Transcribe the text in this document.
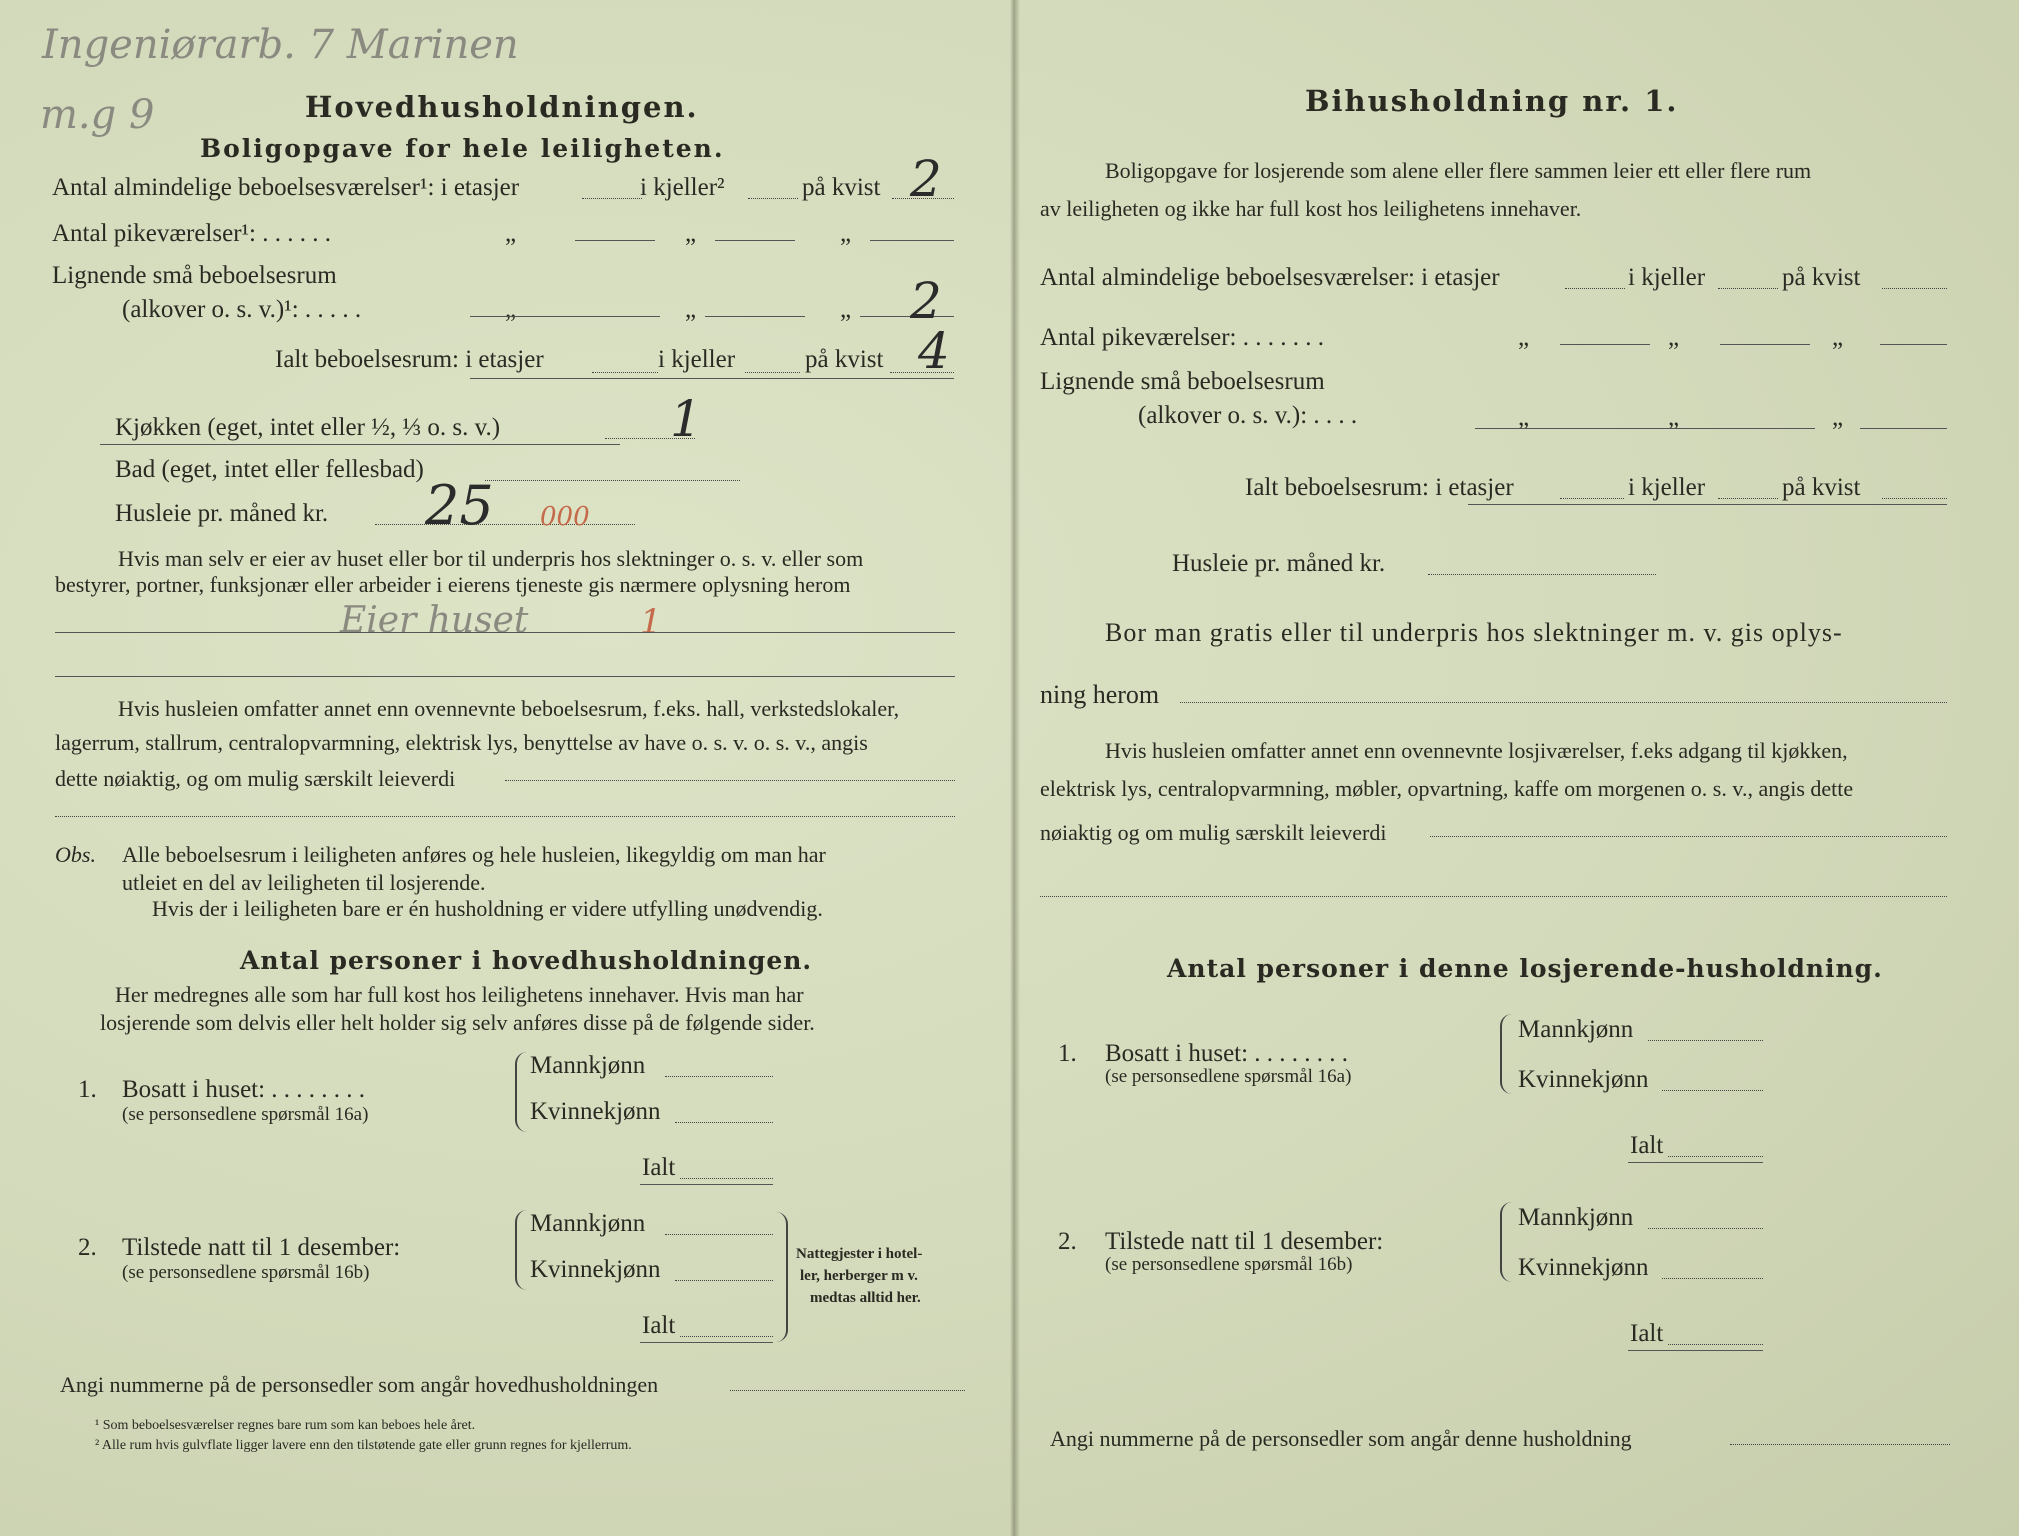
Ingeniørarb. 7 Marinen
m.g 9	Hovedhusholdningen.
Boligopgave for hele leiligheten.
Antal almindelige beboelsesværelser¹: i etasjer	i kjeller²	på kvist 2
Antal pikeværelser¹: . . . . . .	„	„	„
Lignende små beboelsesrum
(alkover o. s. v.)¹: . . . . .	„	„	„ 2
Ialt beboelsesrum: i etasjer	i kjeller	på kvist 4
Kjøkken (eget, intet eller ½, ⅓ o. s. v.)	1
Bad (eget, intet eller fellesbad)
Husleie pr. måned kr. 25 000
Hvis man selv er eier av huset eller bor til underpris hos slektninger o. s. v. eller som
bestyrer, portner, funksjonær eller arbeider i eierens tjeneste gis nærmere oplysning herom
Eier huset	1
Hvis husleien omfatter annet enn ovennevnte beboelsesrum, f.eks. hall, verkstedslokaler,
lagerrum, stallrum, centralopvarmning, elektrisk lys, benyttelse av have o. s. v. o. s. v., angis
dette nøiaktig, og om mulig særskilt leieverdi
Obs. Alle beboelsesrum i leiligheten anføres og hele husleien, likegyldig om man har
utleiet en del av leiligheten til losjerende.
Hvis der i leiligheten bare er én husholdning er videre utfylling unødvendig.
Antal personer i hovedhusholdningen.
Her medregnes alle som har full kost hos leilighetens innehaver. Hvis man har
losjerende som delvis eller helt holder sig selv anføres disse på de følgende sider.
1. Bosatt i huset: . . . . . . . .
(se personsedlene spørsmål 16a)
Mannkjønn
Kvinnekjønn
Ialt
2. Tilstede natt til 1 desember:
(se personsedlene spørsmål 16b)
Mannkjønn
Kvinnekjønn
Ialt
Nattegjester i hotel-
ler, herberger m v.
medtas alltid her.
Angi nummerne på de personsedler som angår hovedhusholdningen
¹ Som beboelsesværelser regnes bare rum som kan beboes hele året.
² Alle rum hvis gulvflate ligger lavere enn den tilstøtende gate eller grunn regnes for kjellerrum.
Bihusholdning nr. 1.
Boligopgave for losjerende som alene eller flere sammen leier ett eller flere rum
av leiligheten og ikke har full kost hos leilighetens innehaver.
Antal almindelige beboelsesværelser: i etasjer	i kjeller	på kvist
Antal pikeværelser: . . . . . . .	„	„	„
Lignende små beboelsesrum
(alkover o. s. v.): . . . .	„	„	„
Ialt beboelsesrum: i etasjer	i kjeller	på kvist
Husleie pr. måned kr.
Bor man gratis eller til underpris hos slektninger m. v. gis oplys-
ning herom
Hvis husleien omfatter annet enn ovennevnte losjiværelser, f.eks adgang til kjøkken,
elektrisk lys, centralopvarmning, møbler, opvartning, kaffe om morgenen o. s. v., angis dette
nøiaktig og om mulig særskilt leieverdi
Antal personer i denne losjerende-husholdning.
1. Bosatt i huset: . . . . . . . .
(se personsedlene spørsmål 16a)
Mannkjønn
Kvinnekjønn
Ialt
2. Tilstede natt til 1 desember:
(se personsedlene spørsmål 16b)
Mannkjønn
Kvinnekjønn
Ialt
Angi nummerne på de personsedler som angår denne husholdning
